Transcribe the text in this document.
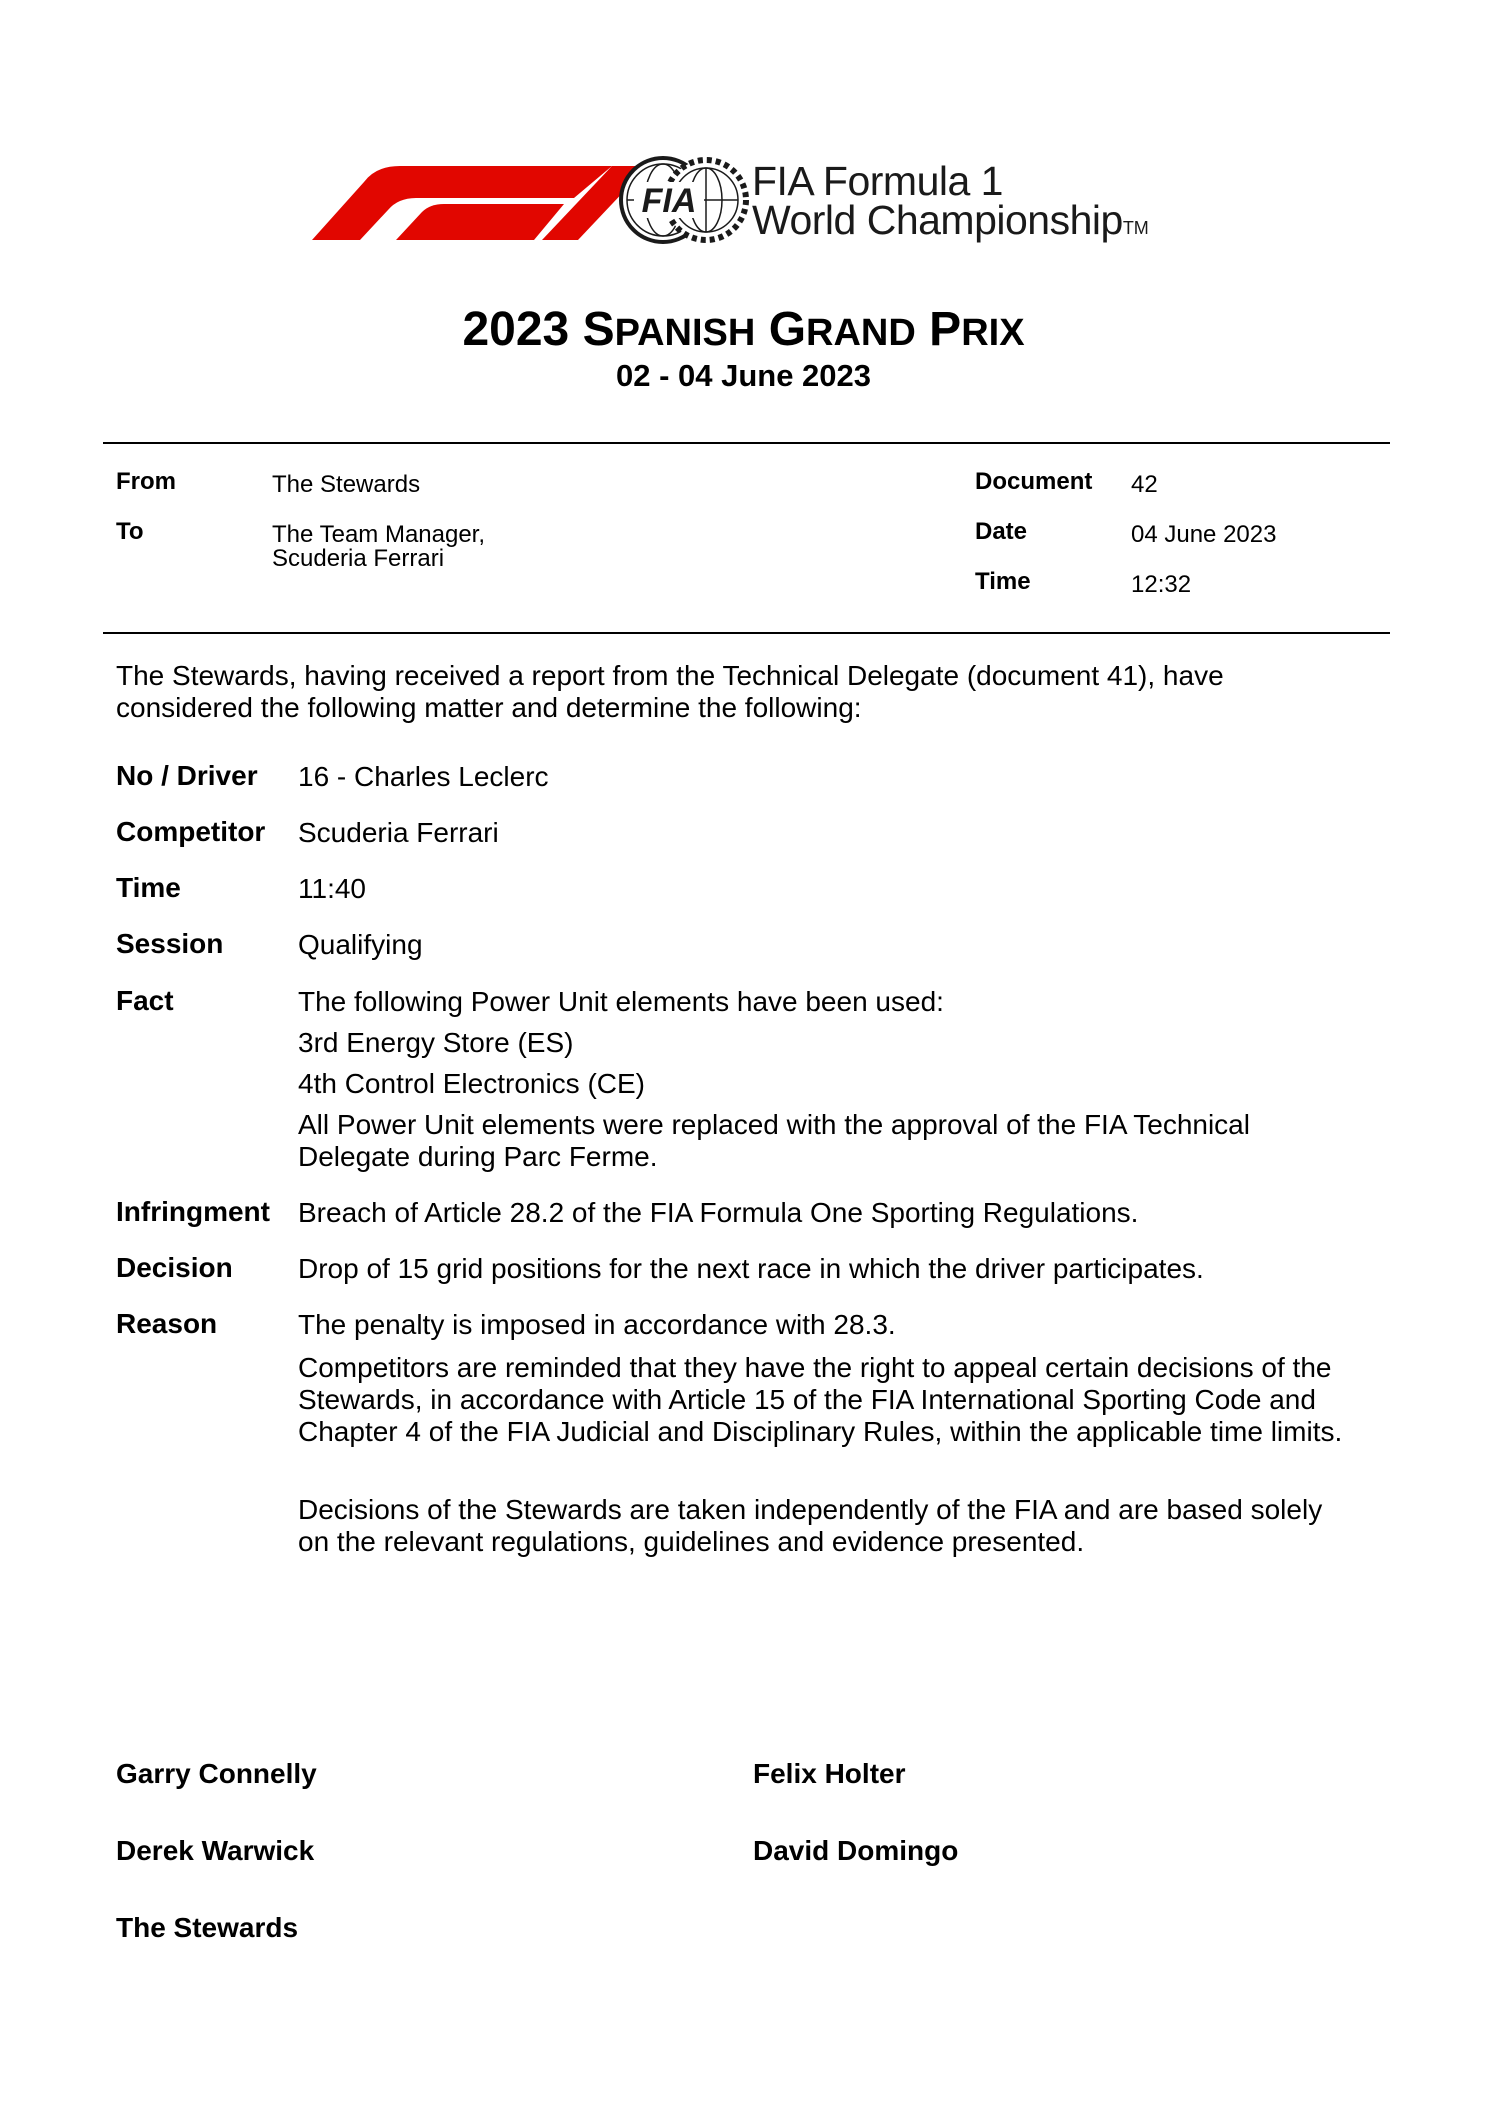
FIA FIA Formula 1
World ChampionshipTM
2023 SPANISH GRAND PRIX
02 - 04 June 2023
From	The Stewards
To	The Team Manager,
Scuderia Ferrari
Document 42
Date	04 June 2023
Time	12:32
The Stewards, having received a report from the Technical Delegate (document 41), have considered the following matter and determine the following:
No / Driver 16 - Charles Leclerc
Competitor Scuderia Ferrari
Time	11:40
Session	Qualifying
Fact	The following Power Unit elements have been used:
3rd Energy Store (ES)
4th Control Electronics (CE)
All Power Unit elements were replaced with the approval of the FIA Technical Delegate during Parc Ferme.
Infringment Breach of Article 28.2 of the FIA Formula One Sporting Regulations.
Decision Drop of 15 grid positions for the next race in which the driver participates.
Reason	The penalty is imposed in accordance with 28.3.
Competitors are reminded that they have the right to appeal certain decisions of the Stewards, in accordance with Article 15 of the FIA International Sporting Code and Chapter 4 of the FIA Judicial and Disciplinary Rules, within the applicable time limits.
Decisions of the Stewards are taken independently of the FIA and are based solely on the relevant regulations, guidelines and evidence presented.
Garry Connelly	Felix Holter
Derek Warwick	David Domingo
The Stewards
